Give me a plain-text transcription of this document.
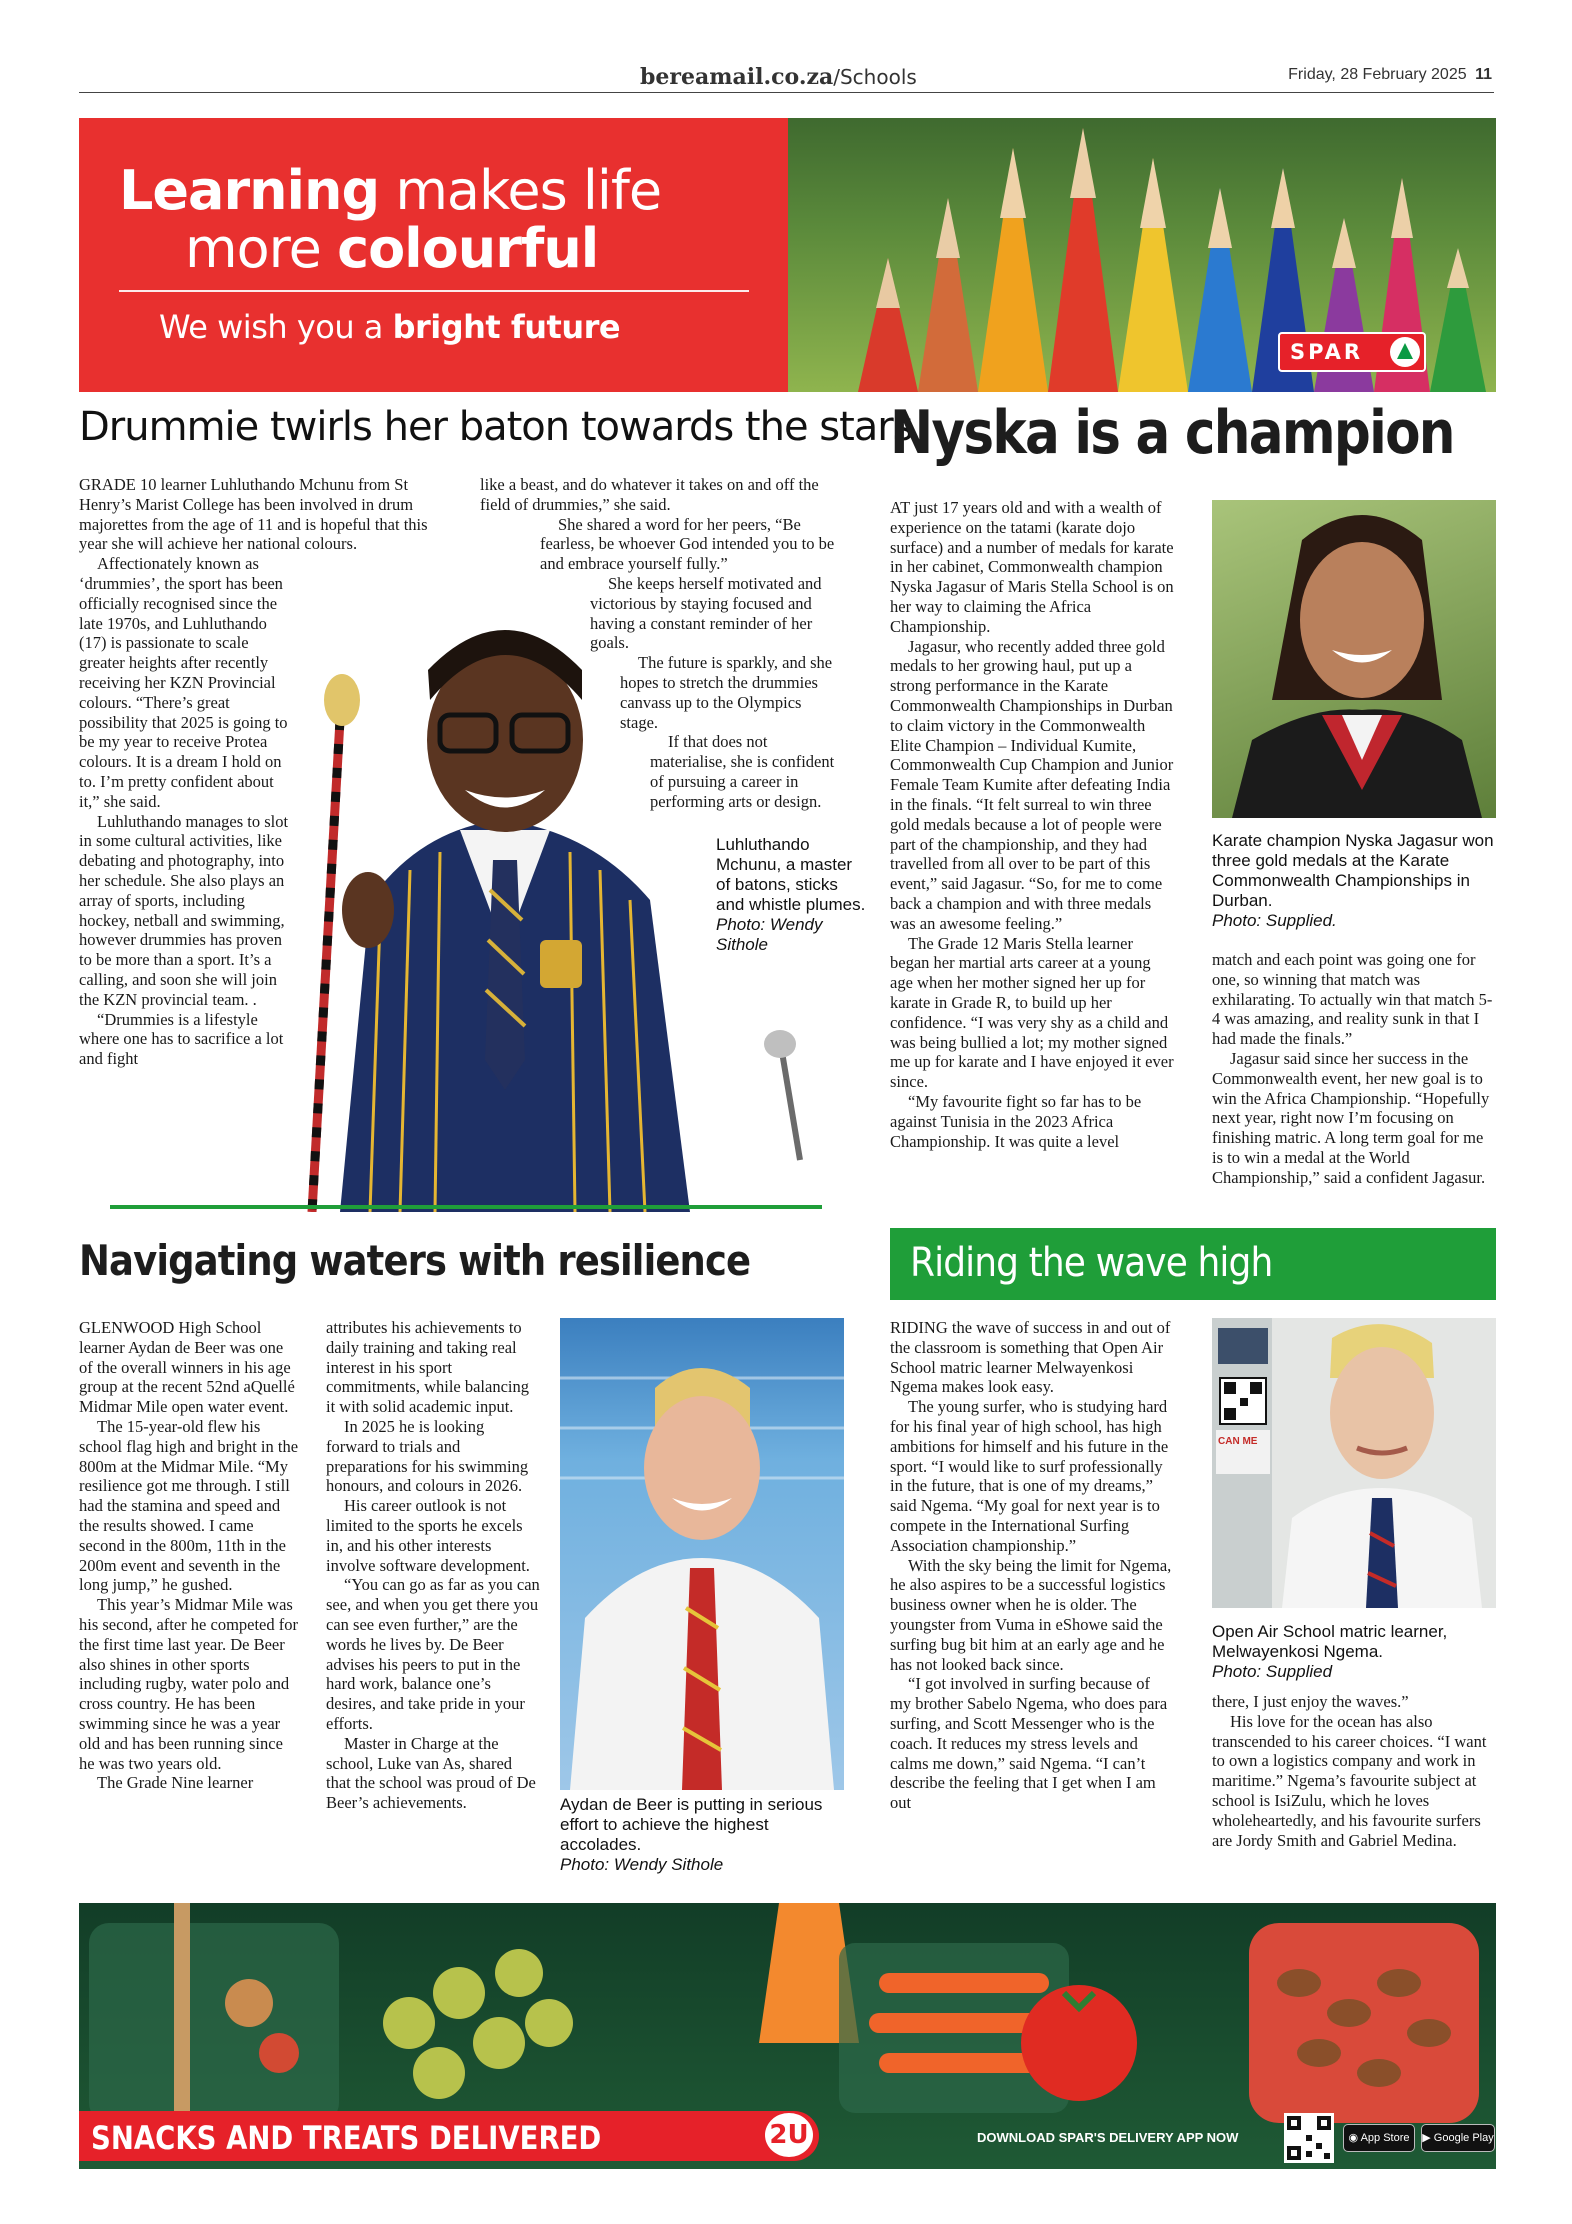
bereamail.co.za/Schools	Friday, 28 February 2025 11
Learning makes life
more colourful
We wish you a bright future
SPAR
Drummie twirls her baton towards the stars

GRADE 10 learner Luhluthando Mchunu from St Henry’s Marist College has been involved in drum majorettes from the age of 11 and is hopeful that this year she will achieve her national colours.

Affectionately known as ‘drummies’, the sport has been officially recognised since the late 1970s, and Luhluthando (17) is passionate to scale greater heights after recently receiving her KZN Provincial colours. “There’s great possibility that 2025 is going to be my year to receive Protea colours. It is a dream I hold on to. I’m pretty confident about it,” she said.

Luhluthando manages to slot in some cultural activities, like debating and photography, into her schedule. She also plays an array of sports, including hockey, netball and swimming, however drummies has proven to be more than a sport. It’s a calling, and soon she will join the KZN provincial team. .

“Drummies is a lifestyle where one has to sacrifice a lot and fight

like a beast, and do whatever it takes on and off the field of drummies,” she said.

She shared a word for her peers, “Be fearless, be whoever God intended you to be and embrace yourself fully.”

She keeps herself motivated and victorious by staying focused and having a constant reminder of her goals.

The future is sparkly, and she hopes to stretch the drummies canvass up to the Olympics stage.

If that does not materialise, she is confident of pursuing a career in performing arts or design.

Luhluthando Mchunu, a master of batons, sticks and whistle plumes.
Photo: Wendy Sithole
Nyska is a champion
Karate champion Nyska Jagasur won three gold medals at the Karate Commonwealth Championships in Durban.
Photo: Supplied.

AT just 17 years old and with a wealth of experience on the tatami (karate dojo surface) and a number of medals for karate in her cabinet, Commonwealth champion Nyska Jagasur of Maris Stella School is on her way to claiming the Africa Championship.

Jagasur, who recently added three gold medals to her growing haul, put up a strong performance in the Karate Commonwealth Championships in Durban to claim victory in the Commonwealth Elite Champion – Individual Kumite, Commonwealth Cup Champion and Junior Female Team Kumite after defeating India in the finals. “It felt surreal to win three gold medals because a lot of people were part of the championship, and they had travelled from all over to be part of this event,” said Jagasur. “So, for me to come back a champion and with three medals was an awesome feeling.”

The Grade 12 Maris Stella learner began her martial arts career at a young age when her mother signed her up for karate in Grade R, to build up her confidence. “I was very shy as a child and was being bullied a lot; my mother signed me up for karate and I have enjoyed it ever since.

“My favourite fight so far has to be against Tunisia in the 2023 Africa Championship. It was quite a level

match and each point was going one for one, so winning that match was exhilarating. To actually win that match 5-4 was amazing, and reality sunk in that I had made the finals.”

Jagasur said since her success in the Commonwealth event, her new goal is to win the Africa Championship. “Hopefully next year, right now I’m focusing on finishing matric. A long term goal for me is to win a medal at the World Championship,” said a confident Jagasur.

Navigating waters with resilience
Aydan de Beer is putting in serious effort to achieve the highest accolades.
Photo: Wendy Sithole

GLENWOOD High School learner Aydan de Beer was one of the overall winners in his age group at the recent 52nd aQuellé Midmar Mile open water event.

The 15-year-old flew his school flag high and bright in the 800m at the Midmar Mile. “My resilience got me through. I still had the stamina and speed and the results showed. I came second in the 800m, 11th in the 200m event and seventh in the long jump,” he gushed.

This year’s Midmar Mile was his second, after he competed for the first time last year. De Beer also shines in other sports including rugby, water polo and cross country. He has been swimming since he was a year old and has been running since he was two years old.

The Grade Nine learner

attributes his achievements to daily training and taking real interest in his sport commitments, while balancing it with solid academic input.

In 2025 he is looking forward to trials and preparations for his swimming honours, and colours in 2026.

His career outlook is not limited to the sports he excels in, and his other interests involve software development.

“You can go as far as you can see, and when you get there you can see even further,” are the words he lives by. De Beer advises his peers to put in the hard work, balance one’s desires, and take pride in your efforts.

Master in Charge at the school, Luke van As, shared that the school was proud of De Beer’s achievements.

Riding the wave high
CAN ME
Open Air School matric learner, Melwayenkosi Ngema.
Photo: Supplied

RIDING the wave of success in and out of the classroom is something that Open Air School matric learner Melwayenkosi Ngema makes look easy.

The young surfer, who is studying hard for his final year of high school, has high ambitions for himself and his future in the sport. “I would like to surf professionally in the future, that is one of my dreams,” said Ngema. “My goal for next year is to compete in the International Surfing Association championship.”

With the sky being the limit for Ngema, he also aspires to be a successful logistics business owner when he is older. The youngster from Vuma in eShowe said the surfing bug bit him at an early age and he has not looked back since.

“I got involved in surfing because of my brother Sabelo Ngema, who does para surfing, and Scott Messenger who is the coach. It reduces my stress levels and calms me down,” said Ngema. “I can’t describe the feeling that I get when I am out

there, I just enjoy the waves.”

His love for the ocean has also transcended to his career choices. “I want to own a logistics company and work in maritime.” Ngema’s favourite subject at school is IsiZulu, which he loves wholeheartedly, and his favourite surfers are Jordy Smith and Gabriel Medina.

SNACKS AND TREATS DELIVERED	2U	DOWNLOAD SPAR'S DELIVERY APP NOW	◉ App Store	▶ Google Play
